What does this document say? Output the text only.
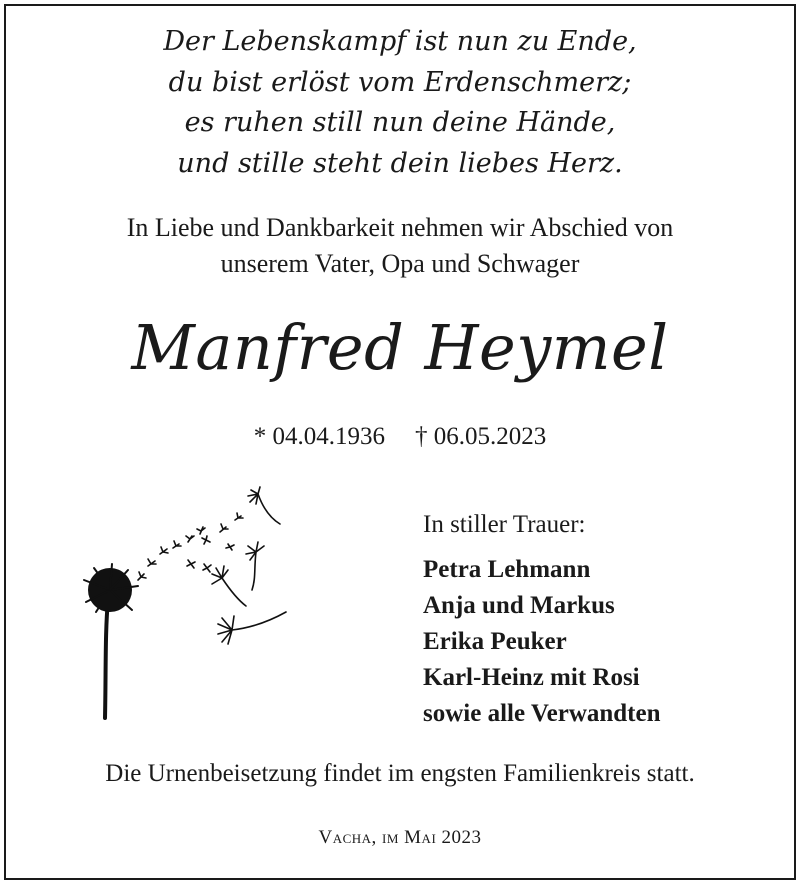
Der Lebenskampf ist nun zu Ende,
du bist erlöst vom Erdenschmerz;
es ruhen still nun deine Hände,
und stille steht dein liebes Herz.
In Liebe und Dankbarkeit nehmen wir Abschied von
unserem Vater, Opa und Schwager
Manfred Heymel
* 04.04.1936 † 06.05.2023
In stiller Trauer:
Petra Lehmann
Anja und Markus
Erika Peuker
Karl-Heinz mit Rosi
sowie alle Verwandten
Die Urnenbeisetzung findet im engsten Familienkreis statt.
Vacha, im Mai 2023
